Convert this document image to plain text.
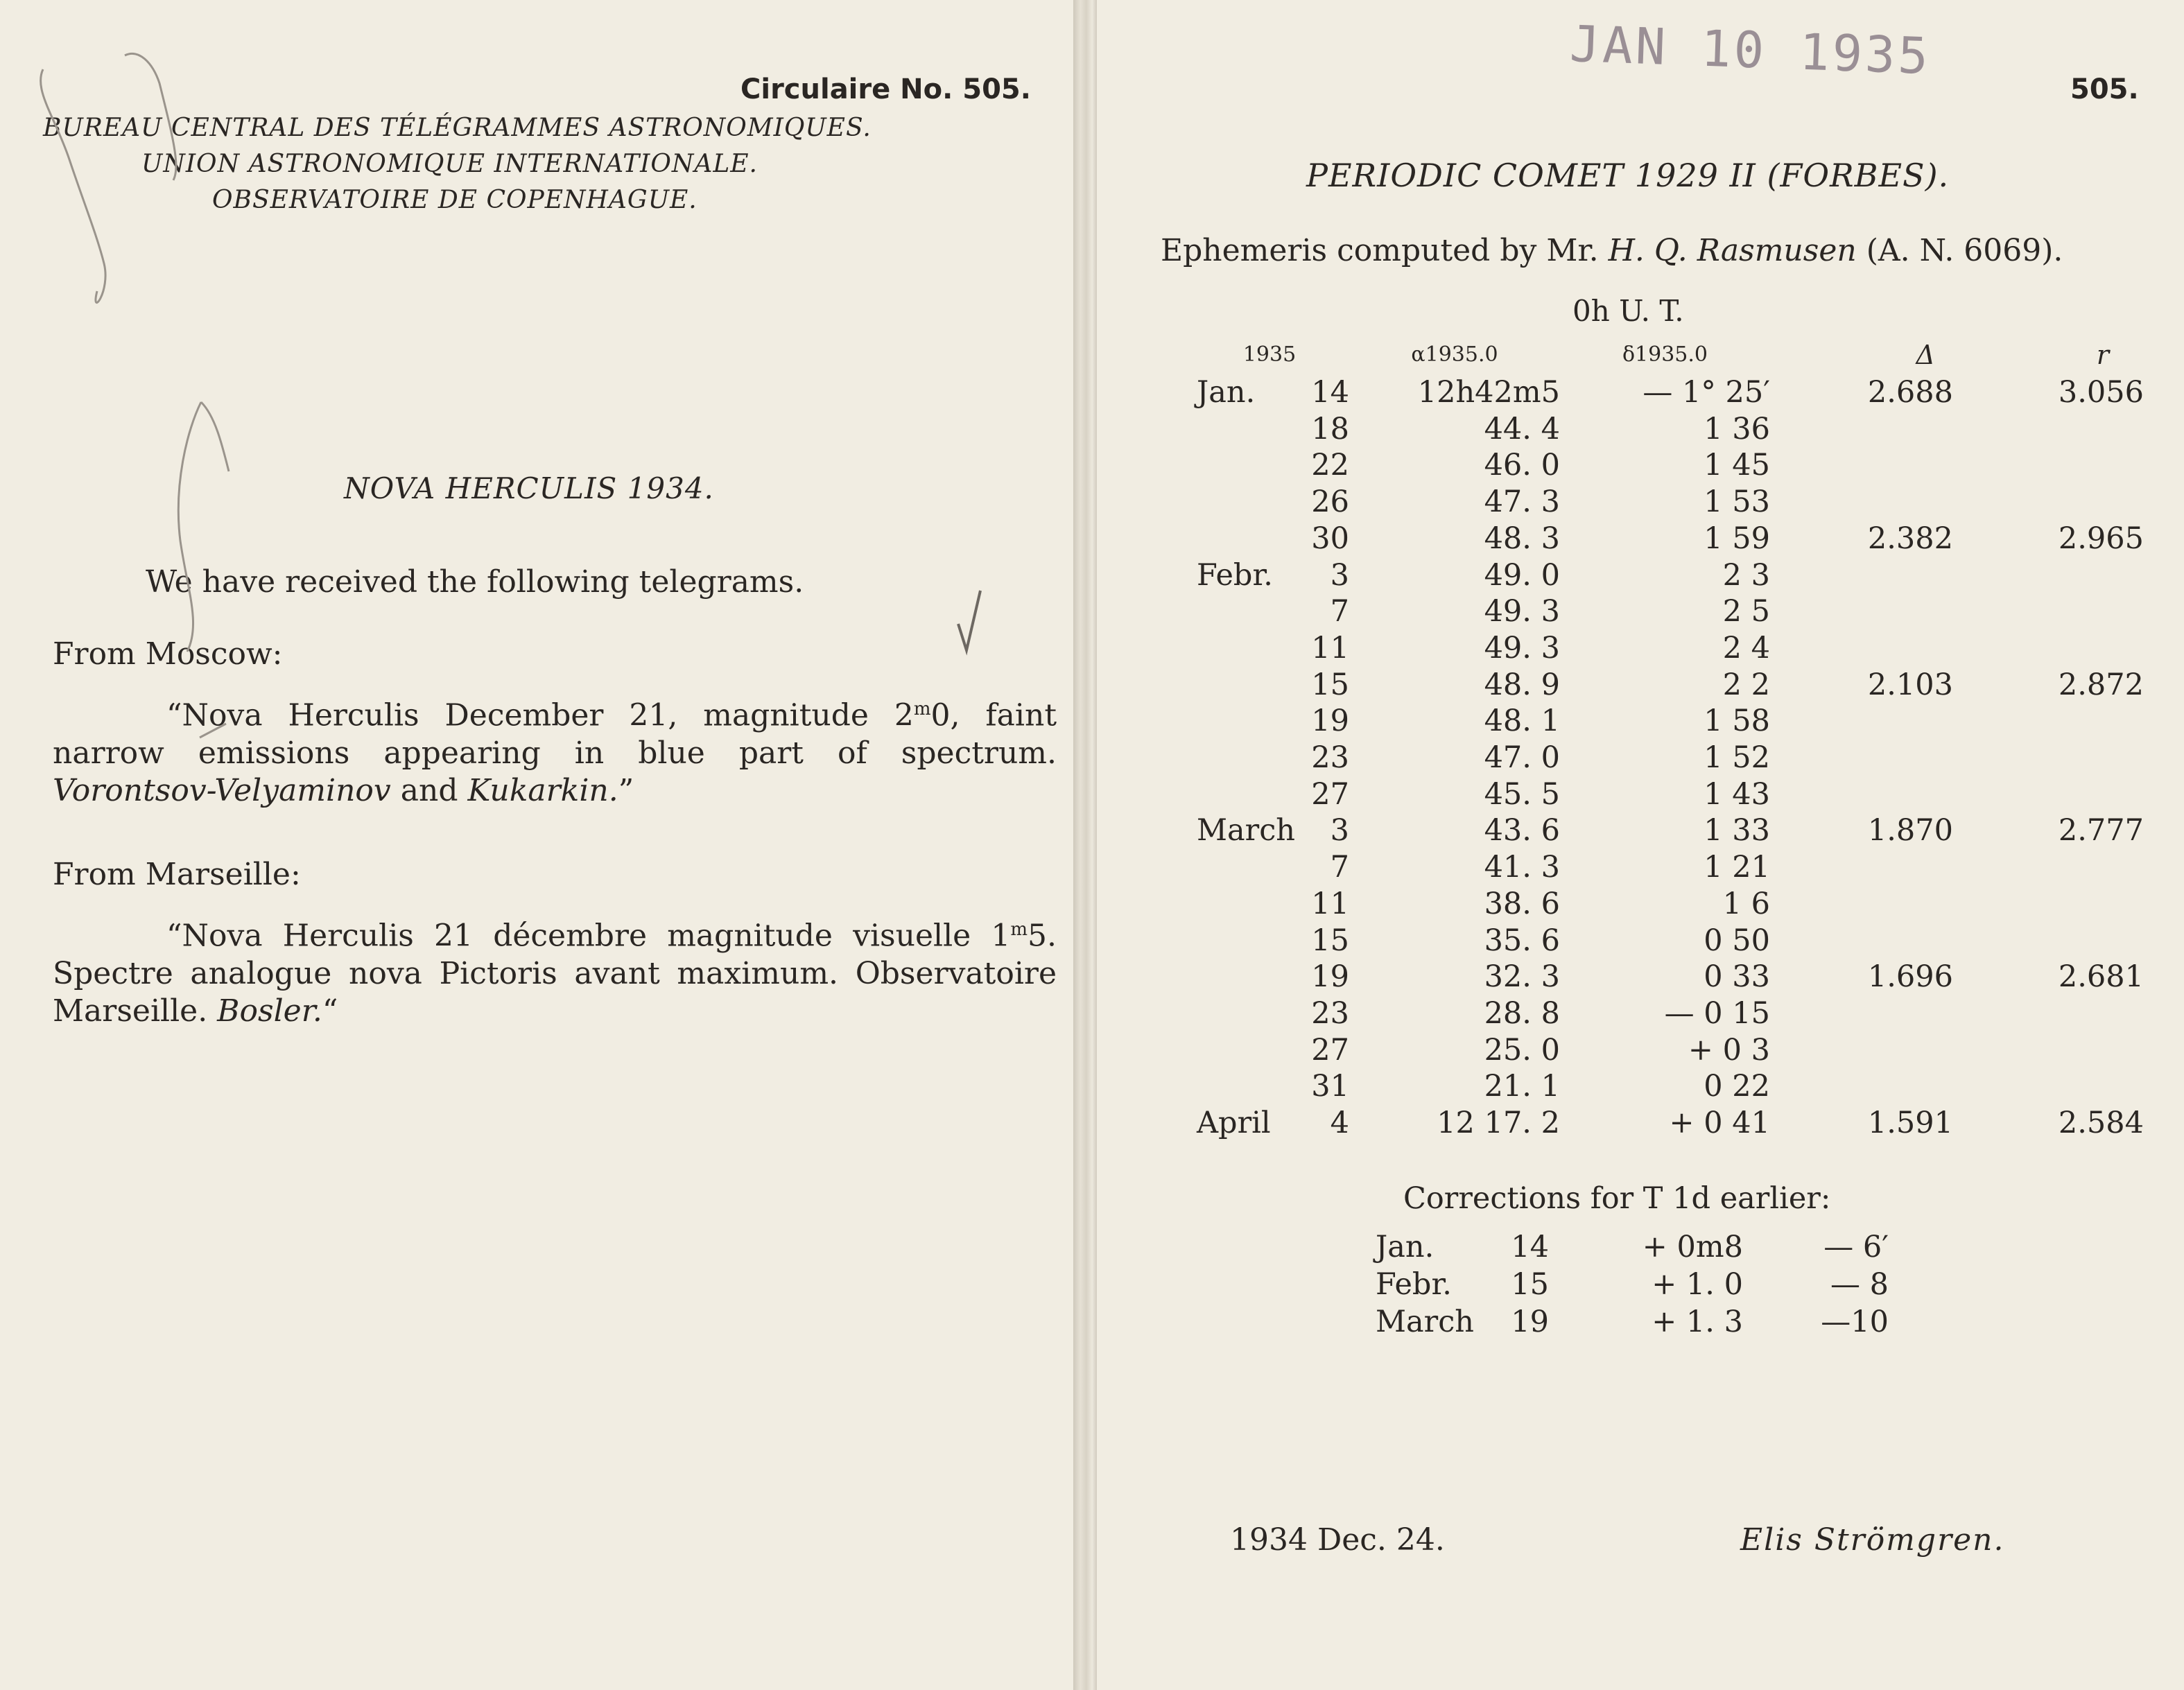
Circulaire No. 505.
BUREAU CENTRAL DES TÉLÉGRAMMES ASTRONOMIQUES.
UNION ASTRONOMIQUE INTERNATIONALE.
OBSERVATOIRE DE COPENHAGUE.
NOVA HERCULIS 1934.
We have received the following telegrams.
From Moscow:
“Nova Herculis December 21, magnitude 2$^m$0, faint narrow emissions appearing in blue part of spectrum. Vorontsov-Velyaminov and Kukarkin.”
From Marseille:
“Nova Herculis 21 décembre magnitude visuelle 1$^m$5. Spectre analogue nova Pictoris avant maximum. Observatoire Marseille. Bosler.“
JAN 10 1935
505.
PERIODIC COMET 1929 II (FORBES).
Ephemeris computed by Mr. H. Q. Rasmusen (A. N. 6069).
0h U. T.
1935		α1935.0	δ1935.0	Δ	r
Jan.	14	12h42m5	— 1° 25′	2.688	3.056
	18	44. 4	1 36		
	22	46. 0	1 45		
	26	47. 3	1 53		
	30	48. 3	1 59	2.382	2.965
Febr.	3	49. 0	2 3		
	7	49. 3	2 5		
	11	49. 3	2 4		
	15	48. 9	2 2	2.103	2.872
	19	48. 1	1 58		
	23	47. 0	1 52		
	27	45. 5	1 43		
March	3	43. 6	1 33	1.870	2.777
	7	41. 3	1 21		
	11	38. 6	1 6		
	15	35. 6	0 50		
	19	32. 3	0 33	1.696	2.681
	23	28. 8	— 0 15		
	27	25. 0	+ 0 3		
	31	21. 1	0 22		
April	4	12 17. 2	+ 0 41	1.591	2.584
Corrections for T 1d earlier:
Jan.	14	+ 0m8	— 6′
Febr.	15	+ 1. 0	— 8
March	19	+ 1. 3	—10
1934 Dec. 24.	Elis Strömgren.
